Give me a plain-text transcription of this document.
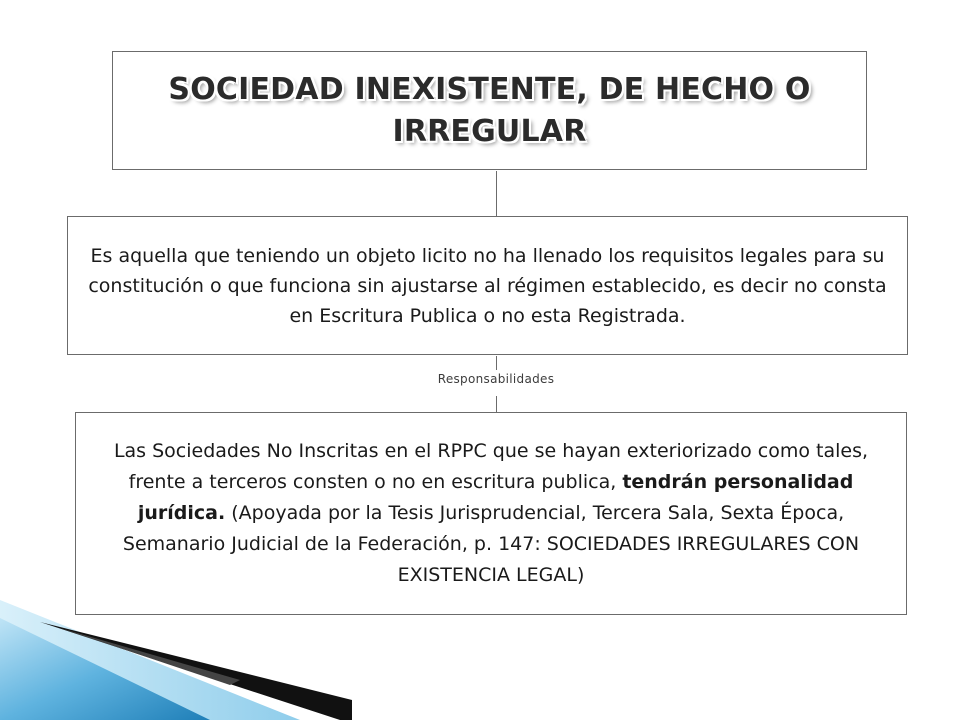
SOCIEDAD INEXISTENTE, DE HECHO O IRREGULAR
Es aquella que teniendo un objeto licito no ha llenado los requisitos legales para su constitución o que funciona sin ajustarse al régimen establecido, es decir no consta en Escritura Publica o no esta Registrada.
Responsabilidades
Las Sociedades No Inscritas en el RPPC que se hayan exteriorizado como tales, frente a terceros consten o no en escritura publica, tendrán personalidad jurídica. (Apoyada por la Tesis Jurisprudencial, Tercera Sala, Sexta Época, Semanario Judicial de la Federación, p. 147: SOCIEDADES IRREGULARES CON EXISTENCIA LEGAL)
